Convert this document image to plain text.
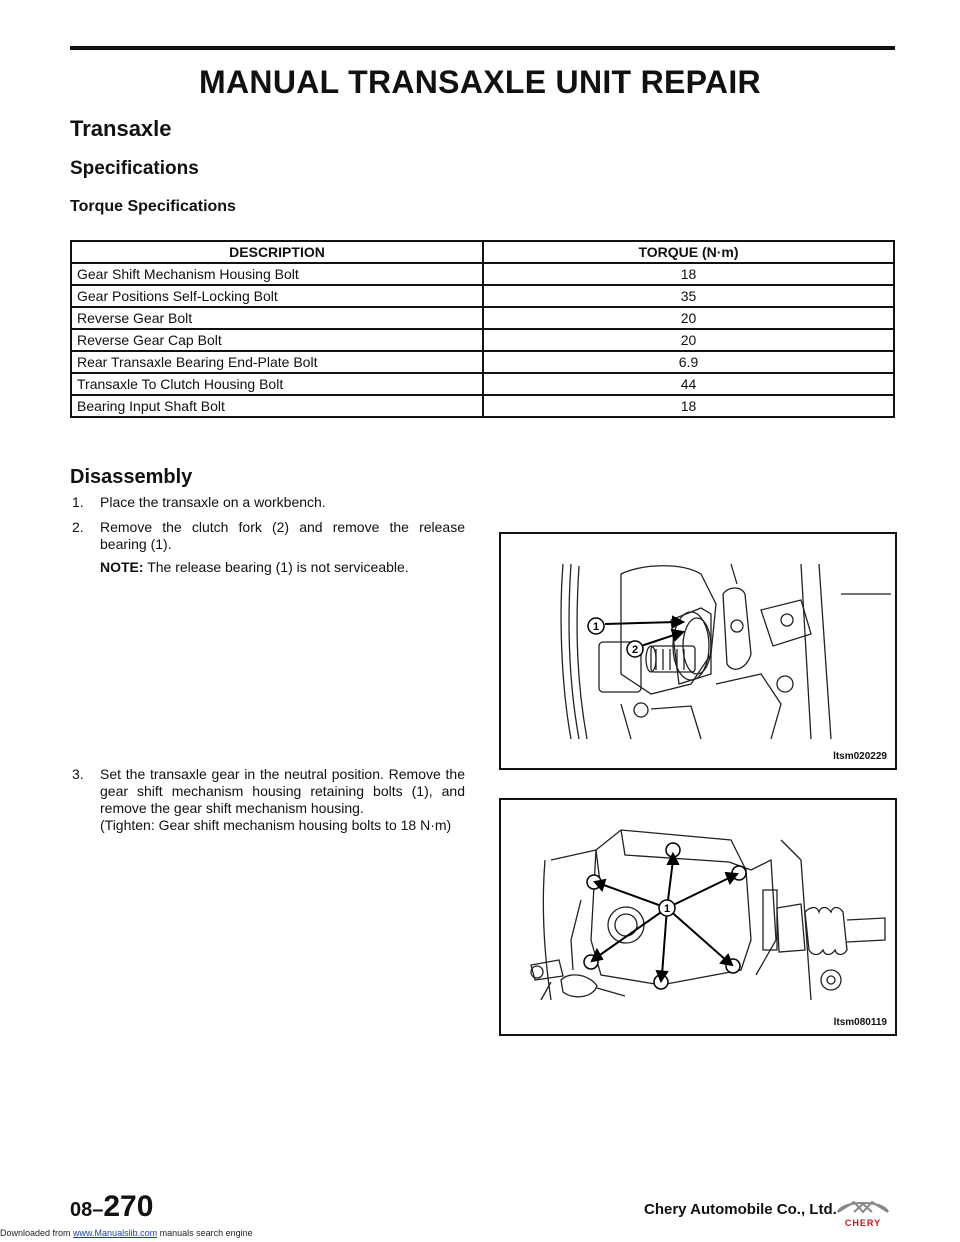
MANUAL TRANSAXLE UNIT REPAIR
Transaxle
Specifications
Torque Specifications
DESCRIPTION	TORQUE (N·m)
Gear Shift Mechanism Housing Bolt	18
Gear Positions Self-Locking Bolt	35
Reverse Gear Bolt	20
Reverse Gear Cap Bolt	20
Rear Transaxle Bearing End-Plate Bolt	6.9
Transaxle To Clutch Housing Bolt	44
Bearing Input Shaft Bolt	18
Disassembly
1. Place the transaxle on a workbench.
2. Remove the clutch fork (2) and remove the release bearing (1).

NOTE: The release bearing (1) is not serviceable.

3. Set the transaxle gear in the neutral position. Remove the gear shift mechanism housing retaining bolts (1), and remove the gear shift mechanism housing.
(Tighten: Gear shift mechanism housing bolts to 18 N·m)
1
2
ltsm020229
1
ltsm080119
08–270	Chery Automobile Co., Ltd.
CHERY
Downloaded from www.Manualslib.com manuals search engine
